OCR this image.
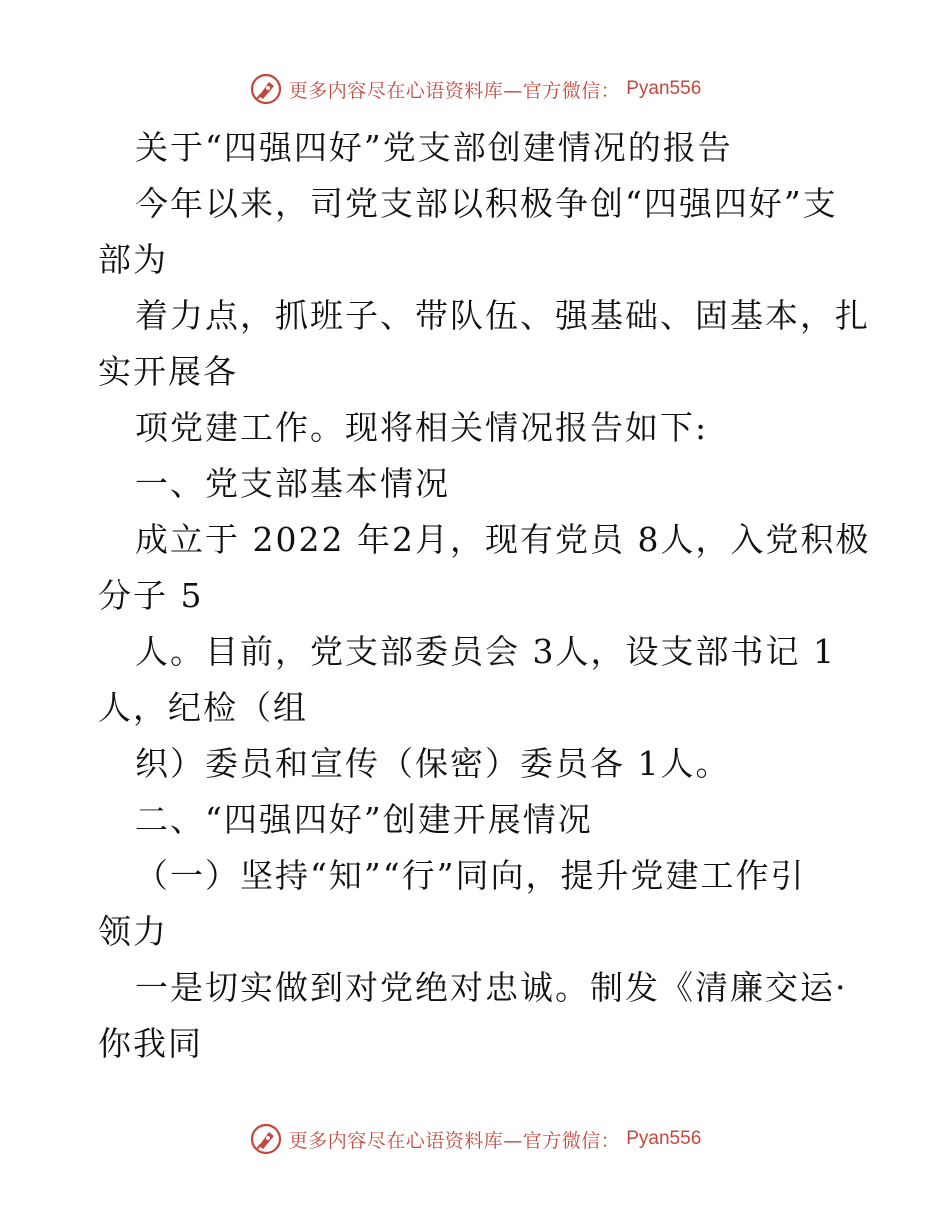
更多内容尽在心语资料库—官方微信： Pyan556
关于“四强四好”党支部创建情况的报告
今年以来，司党支部以积极争创“四强四好”支
部为
着力点，抓班子、带队伍、强基础、固基本，扎
实开展各
项党建工作。现将相关情况报告如下:
一、党支部基本情况
成立于 2022 年2月，现有党员 8人，入党积极
分子 5
人。目前，党支部委员会 3人，设支部书记 1
人，纪检（组
织）委员和宣传（保密）委员各 1人。
二、“四强四好”创建开展情况
（一）坚持“知”“行”同向，提升党建工作引
领力
一是切实做到对党绝对忠诚。制发《清廉交运·
你我同
更多内容尽在心语资料库—官方微信： Pyan556
